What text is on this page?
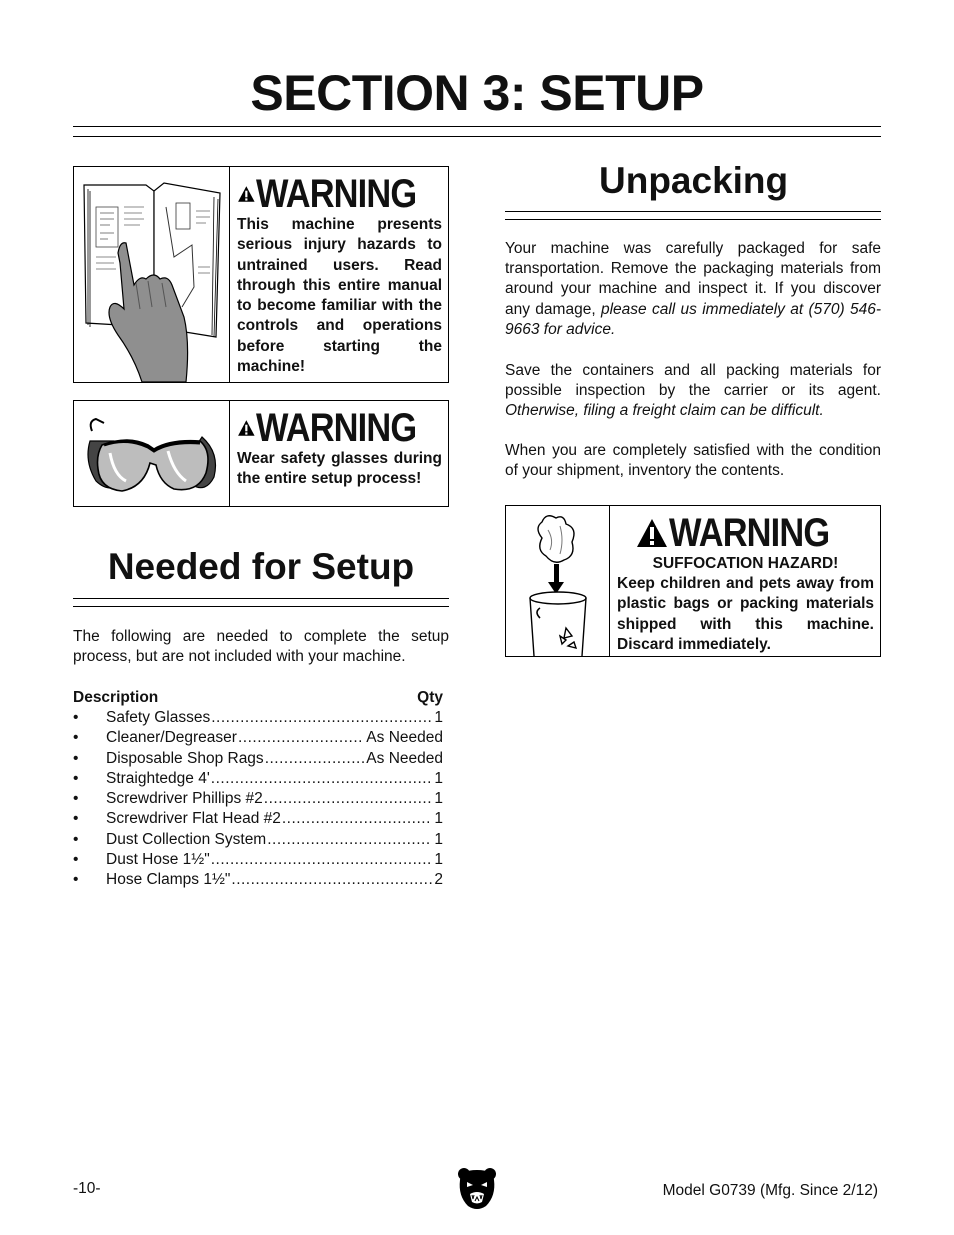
SECTION 3: SETUP
WARNING
This machine presents serious injury hazards to untrained users. Read through this entire manual to become familiar with the controls and operations before starting the machine!
WARNING
Wear safety glasses during the entire setup process!
Needed for Setup
The following are needed to complete the setup process, but are not included with your machine.
Description	Qty
•	Safety Glasses .....	1
•	Cleaner/Degreaser .....	As Needed
•	Disposable Shop Rags .....	As Needed
•	Straightedge 4' .....	1
•	Screwdriver Phillips #2 .....	1
•	Screwdriver Flat Head #2 .....	1
•	Dust Collection System .....	1
•	Dust Hose 1½" .....	1
•	Hose Clamps 1½" .....	2
Unpacking
Your machine was carefully packaged for safe transportation. Remove the packaging materials from around your machine and inspect it. If you discover any damage, please call us immediately at (570) 546-9663 for advice.
Save the containers and all packing materials for possible inspection by the carrier or its agent. Otherwise, filing a freight claim can be difficult.
When you are completely satisfied with the condition of your shipment, inventory the contents.
WARNING
SUFFOCATION HAZARD!
Keep children and pets away from plastic bags or packing materials shipped with this machine. Discard immediately.
-10-	Model G0739 (Mfg. Since 2/12)
